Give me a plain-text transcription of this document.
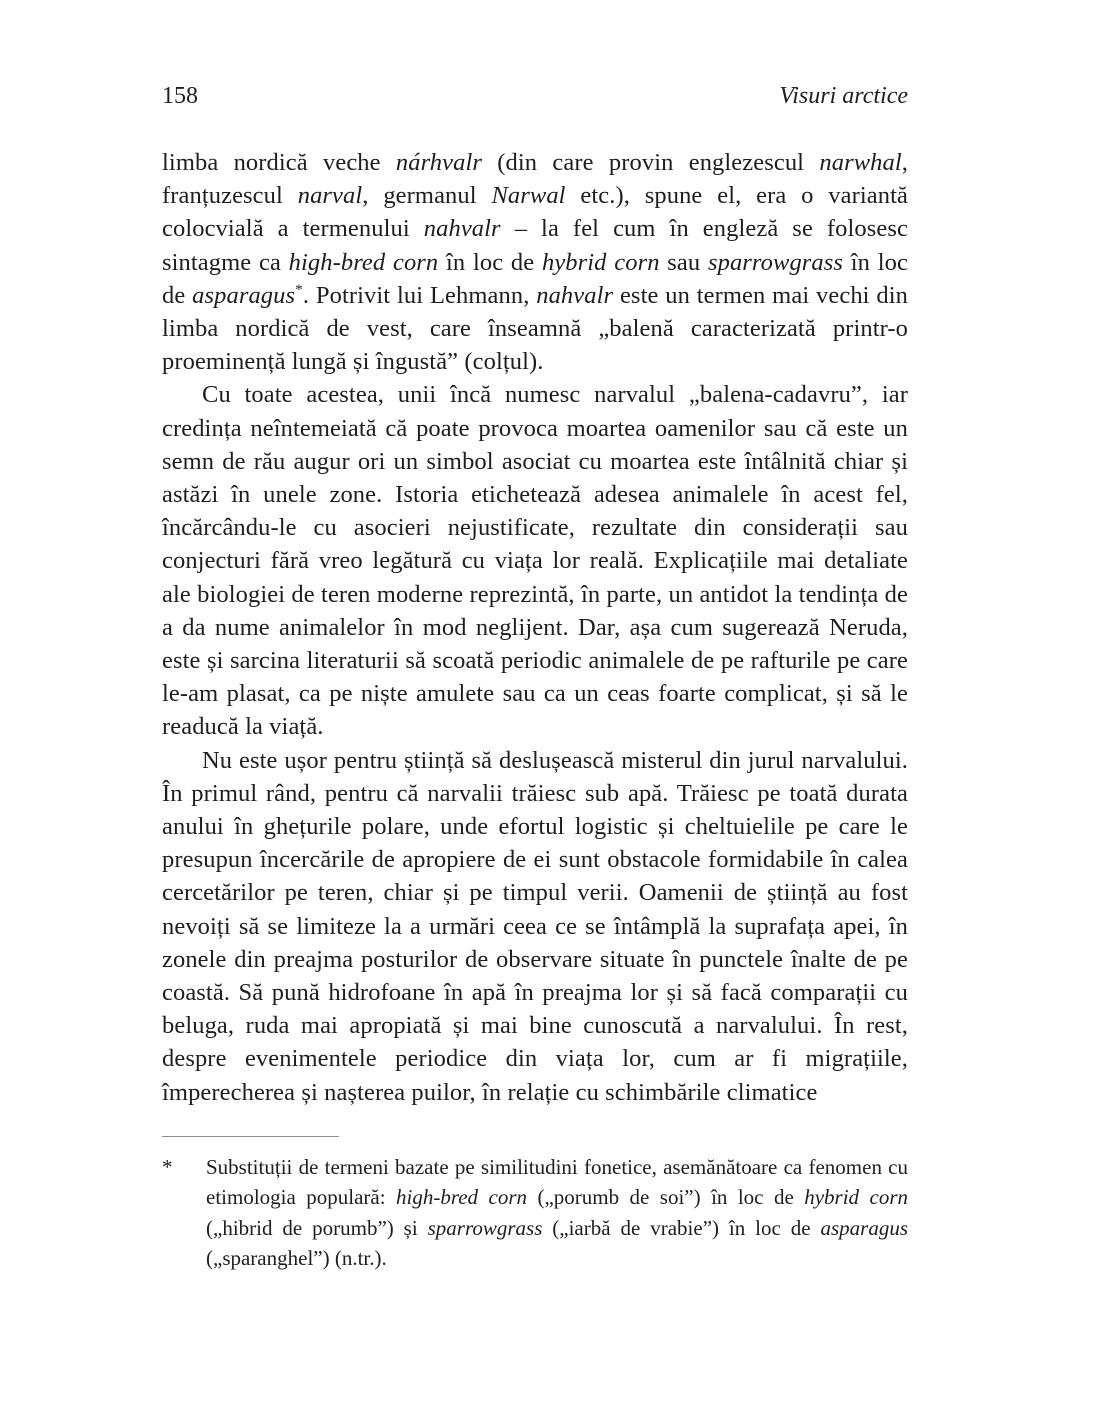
158	Visuri arctice

limba nordică veche nárhvalr (din care provin englezescul narwhal, franțuzescul narval, germanul Narwal etc.), spune el, era o variantă colocvială a termenului nahvalr – la fel cum în engleză se folosesc sintagme ca high-bred corn în loc de hybrid corn sau sparrowgrass în loc de asparagus*. Potrivit lui Lehmann, nahvalr este un termen mai vechi din limba nordică de vest, care înseamnă „balenă caracterizată printr-o proeminență lungă și îngustă” (colțul).

Cu toate acestea, unii încă numesc narvalul „balena-cadavru”, iar credința neîntemeiată că poate provoca moartea oamenilor sau că este un semn de rău augur ori un simbol asociat cu moartea este întâlnită chiar și astăzi în unele zone. Istoria etichetează adesea animalele în acest fel, încărcându-le cu asocieri nejustificate, rezultate din considerații sau conjecturi fără vreo legătură cu viața lor reală. Explicațiile mai detaliate ale biologiei de teren moderne reprezintă, în parte, un antidot la tendința de a da nume animalelor în mod neglijent. Dar, așa cum sugerează Neruda, este și sarcina literaturii să scoată periodic animalele de pe rafturile pe care le-am plasat, ca pe niște amulete sau ca un ceas foarte complicat, și să le readucă la viață.

Nu este ușor pentru știință să deslușească misterul din jurul narvalului. În primul rând, pentru că narvalii trăiesc sub apă. Trăiesc pe toată durata anului în ghețurile polare, unde efortul logistic și cheltuielile pe care le presupun încercările de apropiere de ei sunt obstacole formidabile în calea cercetărilor pe teren, chiar și pe timpul verii. Oamenii de știință au fost nevoiți să se limiteze la a urmări ceea ce se întâmplă la suprafața apei, în zonele din preajma posturilor de observare situate în punctele înalte de pe coastă. Să pună hidrofoane în apă în preajma lor și să facă comparații cu beluga, ruda mai apropiată și mai bine cunoscută a narvalului. În rest, despre evenimentele periodice din viața lor, cum ar fi migrațiile, împerecherea și nașterea puilor, în relație cu schimbările climatice

*	Substituții de termeni bazate pe similitudini fonetice, asemănătoare ca fenomen cu etimologia populară: high-bred corn („porumb de soi”) în loc de hybrid corn („hibrid de porumb”) și sparrowgrass („iarbă de vrabie”) în loc de asparagus („sparanghel”) (n.tr.).
